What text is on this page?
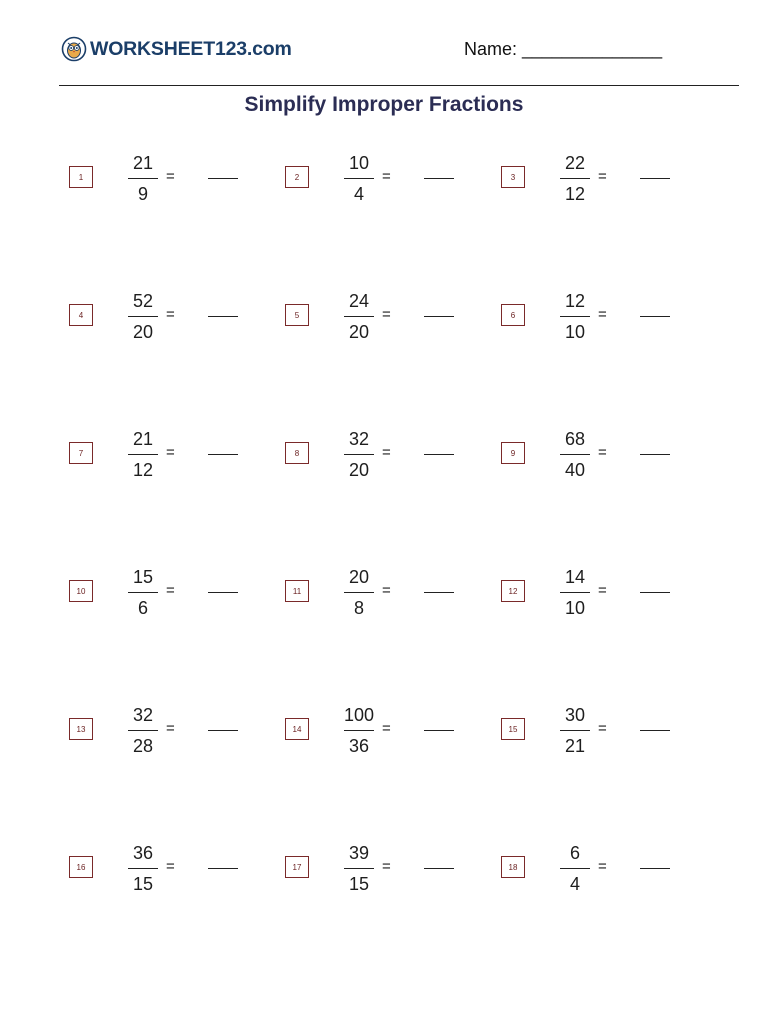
WORKSHEET123.com	Name: ______________
Simplify Improper Fractions
1
21
9
=	2
10
4
=	3
22
12
=
4
52
20
=	5
24
20
=	6
12
10
=
7
21
12
=	8
32
20
=	9
68
40
=
10
15
6
=	11
20
8
=	12
14
10
=
13
32
28
=	14
100
36
=	15
30
21
=
16
36
15
=	17
39
15
=	18
6
4
=
